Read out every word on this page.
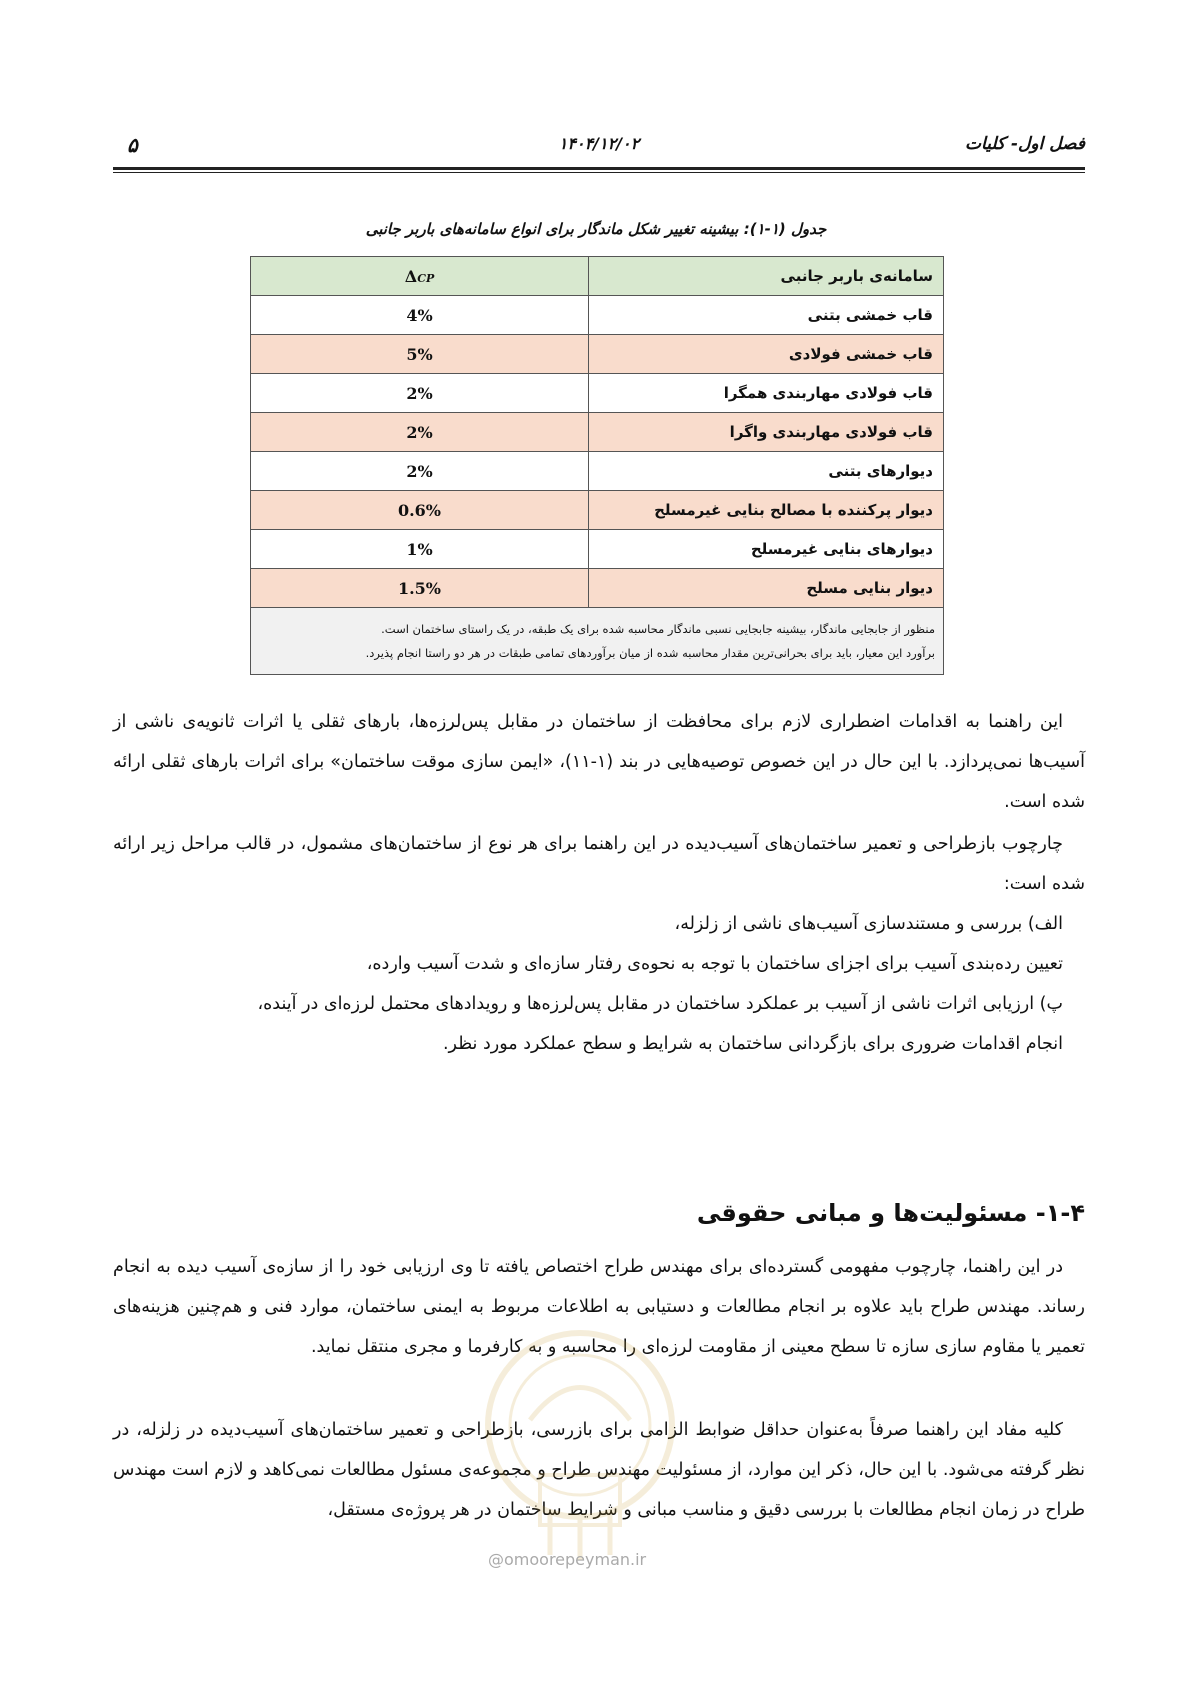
فصل اول- کلیات
۱۴۰۴/۱۲/۰۲
۵
جدول (۱-۱): بیشینه تغییر شکل ماندگار برای انواع سامانه‌های باربر جانبی
سامانه‌ی باربر جانبی	ΔCP
قاب خمشی بتنی	4%
قاب خمشی فولادی	5%
قاب فولادی مهاربندی همگرا	2%
قاب فولادی مهاربندی واگرا	2%
دیوارهای بتنی	2%
دیوار پرکننده با مصالح بنایی غیرمسلح	0.6%
دیوارهای بنایی غیرمسلح	1%
دیوار بنایی مسلح	1.5%

منظور از جابجایی ماندگار، بیشینه جابجایی نسبی ماندگار محاسبه شده برای یک طبقه، در یک راستای ساختمان است.
برآورد این معیار، باید برای بحرانی‌ترین مقدار محاسبه شده از میان برآوردهای تمامی طبقات در هر دو راستا انجام پذیرد.	

این راهنما به اقدامات اضطراری لازم برای محافظت از ساختمان در مقابل پس‌لرزه‌ها، بارهای ثقلی یا اثرات ثانویه‌ی ناشی از آسیب‌ها نمی‌پردازد. با این حال در این خصوص توصیه‌هایی در بند (۱-۱۱)، «ایمن سازی موقت ساختمان» برای اثرات بارهای ثقلی ارائه شده است.

چارچوب بازطراحی و تعمیر ساختمان‌های آسیب‌دیده در این راهنما برای هر نوع از ساختمان‌های مشمول، در قالب مراحل زیر ارائه شده است:

الف) بررسی و مستندسازی آسیب‌های ناشی از زلزله،

تعیین رده‌بندی آسیب برای اجزای ساختمان با توجه به نحوه‌ی رفتار سازه‌ای و شدت آسیب وارده،

پ) ارزیابی اثرات ناشی از آسیب بر عملکرد ساختمان در مقابل پس‌لرزه‌ها و رویدادهای محتمل لرزه‌ای در آینده،

انجام اقدامات ضروری برای بازگردانی ساختمان به شرایط و سطح عملکرد مورد نظر.

۱-۴- مسئولیت‌ها و مبانی حقوقی

در این راهنما، چارچوب مفهومی گسترده‌ای برای مهندس طراح اختصاص یافته تا وی ارزیابی خود را از سازه‌ی آسیب دیده به انجام رساند. مهندس طراح باید علاوه بر انجام مطالعات و دستیابی به اطلاعات مربوط به ایمنی ساختمان، موارد فنی و هم‌چنین هزینه‌های تعمیر یا مقاوم سازی سازه تا سطح معینی از مقاومت لرزه‌ای را محاسبه و به کارفرما و مجری منتقل نماید.

کلیه مفاد این راهنما صرفاً به‌عنوان حداقل ضوابط الزامی برای بازرسی، بازطراحی و تعمیر ساختمان‌های آسیب‌دیده در زلزله، در نظر گرفته می‌شود. با این حال، ذکر این موارد، از مسئولیت مهندس طراح و مجموعه‌ی مسئول مطالعات نمی‌کاهد و لازم است مهندس طراح در زمان انجام مطالعات با بررسی دقیق و مناسب مبانی و شرایط ساختمان در هر پروژه‌ی مستقل،

@omoorepeyman.ir
